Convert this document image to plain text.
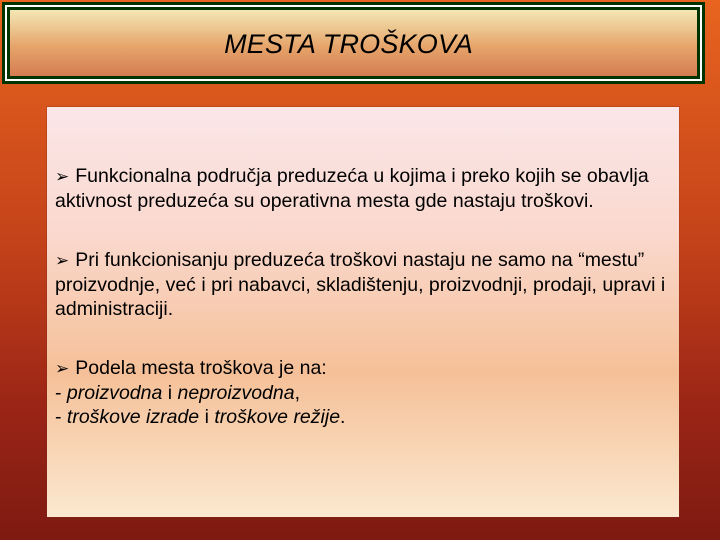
MESTA TROŠKOVA

➢ Funkcionalna područja preduzeća u kojima i preko kojih se obavlja aktivnost preduzeća su operativna mesta gde nastaju troškovi.

➢ Pri funkcionisanju preduzeća troškovi nastaju ne samo na “mestu” proizvodnje, već i pri nabavci, skladištenju, proizvodnji, prodaji, upravi i administraciji.

➢ Podela mesta troškova je na:
- proizvodna i neproizvodna,
- troškove izrade i troškove režije.
